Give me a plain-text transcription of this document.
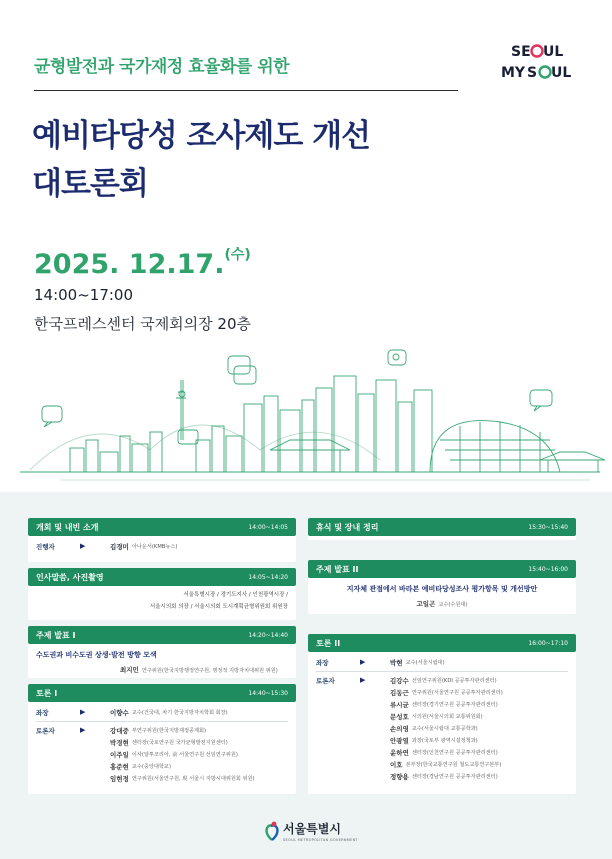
균형발전과 국가재정 효율화를 위한
예비타당성 조사제도 개선
대토론회
SE UL
MY S UL
2025. 12.17.$^{(수)}$
14:00~17:00
한국프레스센터 국제회의장 20층
개회 및 내빈 소개	14:00~14:05
진행자	▶	김경미 아나운서(KMB뉴스)
인사말씀, 사진촬영	14:05~14:20
서울특별시장 / 경기도지사 / 인천광역시장 /
서울시의회 의장 / 서울시의회 도시계획균형위원회 위원장
주제 발표 I	14:20~14:40
수도권과 비수도권 상생·발전 방향 모색
최지민 연구위원(한국지방행정연구원, 행정적 지방자치대위원 위원)
토론 I	14:40~15:30
좌장	▶	이향수 교수(건국대, 차기 한국지방자치학회 회장)
토론자	▶	강대중 부연구위원(한국지방재정공제회)
박경현 센터장(국토연구원 국가균형발전지원센터)
이주일 이사(알투코리아, 前 서울연구원 선임연구위원)
홍준현 교수(중앙대학교)
임현정 연구위원(서울연구원, 現 서울시 지방시대위원회 위원)
휴식 및 장내 정리	15:30~15:40
주제 발표 II	15:40~16:00
지자체 관점에서 바라본 예비타당성조사 평가항목 및 개선방안
고일곤 교수(수원대)
토론 II	16:00~17:10
좌장	▶	박현 교수(서울시립대)
토론자	▶	김강수 선임연구위원(KDI 공공투자관리센터)
김동근 연구위원(서울연구원 공공투자관리센터)
류시균 센터장(경기연구원 공공투자관리센터)
문성호 시의원(서울시의회 교통위원회)
손의영 교수(서울시립대 교통공학과)
안광열 과장(국토부 광역시설정책과)
윤하연 센터장(인천연구원 공공투자관리센터)
이호 본부장(한국교통연구원 철도교통연구본부)
정향용 센터장(경남연구원 공공투자관리센터)
서울특별시
SEOUL METROPOLITAN GOVERNMENT
